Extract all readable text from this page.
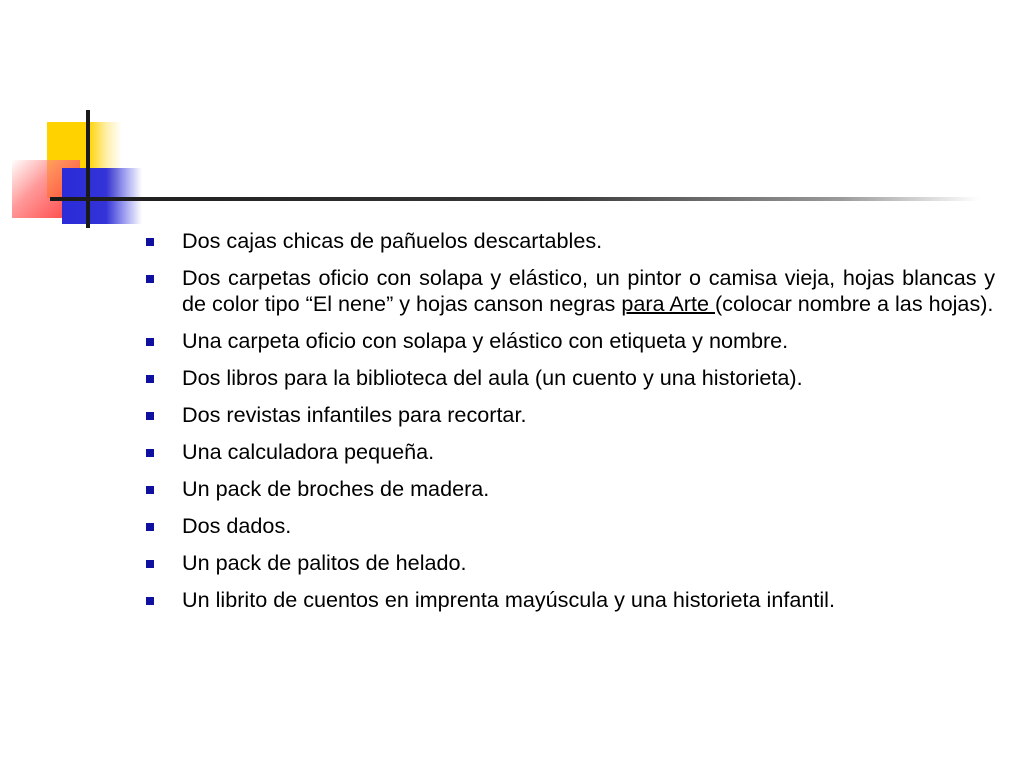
Dos cajas chicas de pañuelos descartables.
Dos carpetas oficio con solapa y elástico, un pintor o camisa vieja, hojas blancas y de color tipo “El nene” y hojas canson negras para Arte (colocar nombre a las hojas).
Una carpeta oficio con solapa y elástico con etiqueta y nombre.
Dos libros para la biblioteca del aula (un cuento y una historieta).
Dos revistas infantiles para recortar.
Una calculadora pequeña.
Un pack de broches de madera.
Dos dados.
Un pack de palitos de helado.
Un librito de cuentos en imprenta mayúscula y una historieta infantil.
